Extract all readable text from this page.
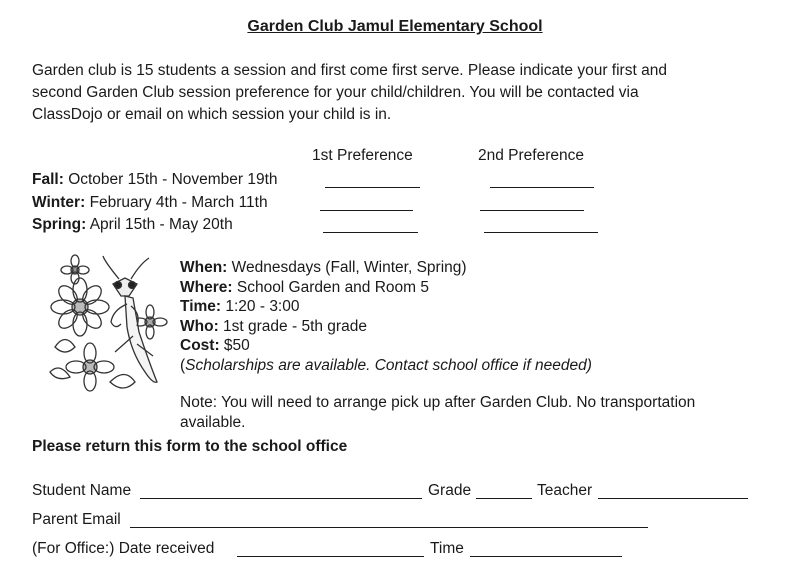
Garden Club Jamul Elementary School
Garden club is 15 students a session and first come first serve. Please indicate your first and
second Garden Club session preference for your child/children. You will be contacted via
ClassDojo or email on which session your child is in.
1st Preference	2nd Preference
Fall: October 15th - November 19th
Winter: February 4th - March 11th
Spring: April 15th - May 20th
When: Wednesdays (Fall, Winter, Spring)
Where: School Garden and Room 5
Time: 1:20 - 3:00
Who: 1st grade - 5th grade
Cost: $50
(Scholarships are available. Contact school office if needed)
Note: You will need to arrange pick up after Garden Club. No transportation
available.
Please return this form to the school office
Student Name	Grade	Teacher
Parent Email
(For Office:) Date received	Time
